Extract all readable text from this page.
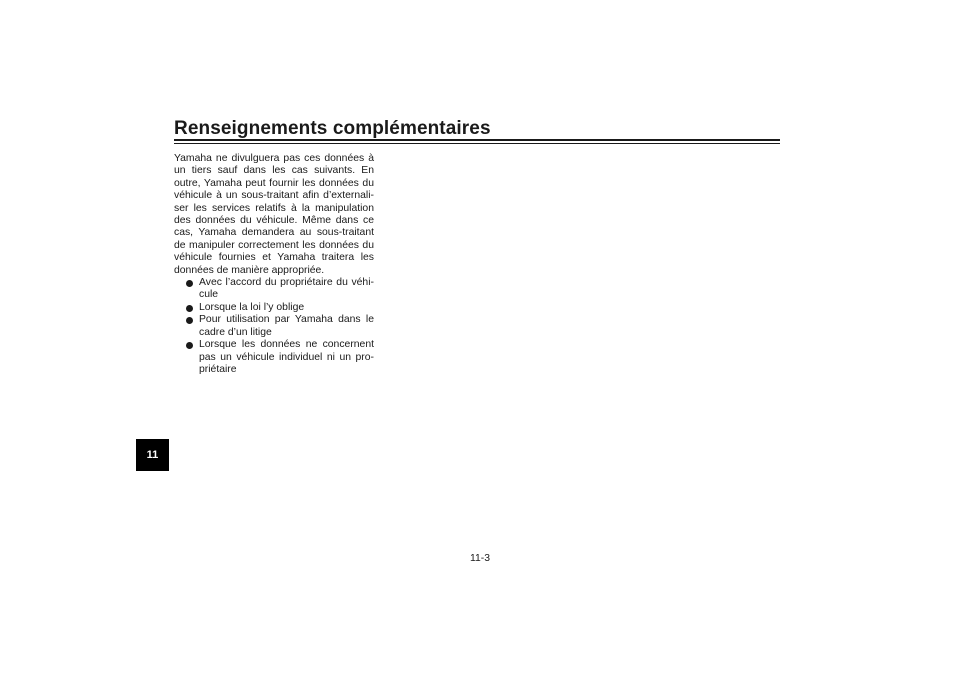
Renseignements complémentaires
11

Yamaha ne divulguera pas ces données à un tiers sauf dans les cas suivants. En outre, Yamaha peut fournir les données du véhicule à un sous-traitant afin d’externali-ser les services relatifs à la manipulation des données du véhicule. Même dans ce cas, Yamaha demandera au sous-traitant de manipuler correctement les données du véhicule fournies et Yamaha traitera les données de manière appropriée.

Avec l’accord du propriétaire du véhi-cule
Lorsque la loi l’y oblige
Pour utilisation par Yamaha dans le cadre d’un litige
Lorsque les données ne concernent pas un véhicule individuel ni un pro-priétaire

11-3
